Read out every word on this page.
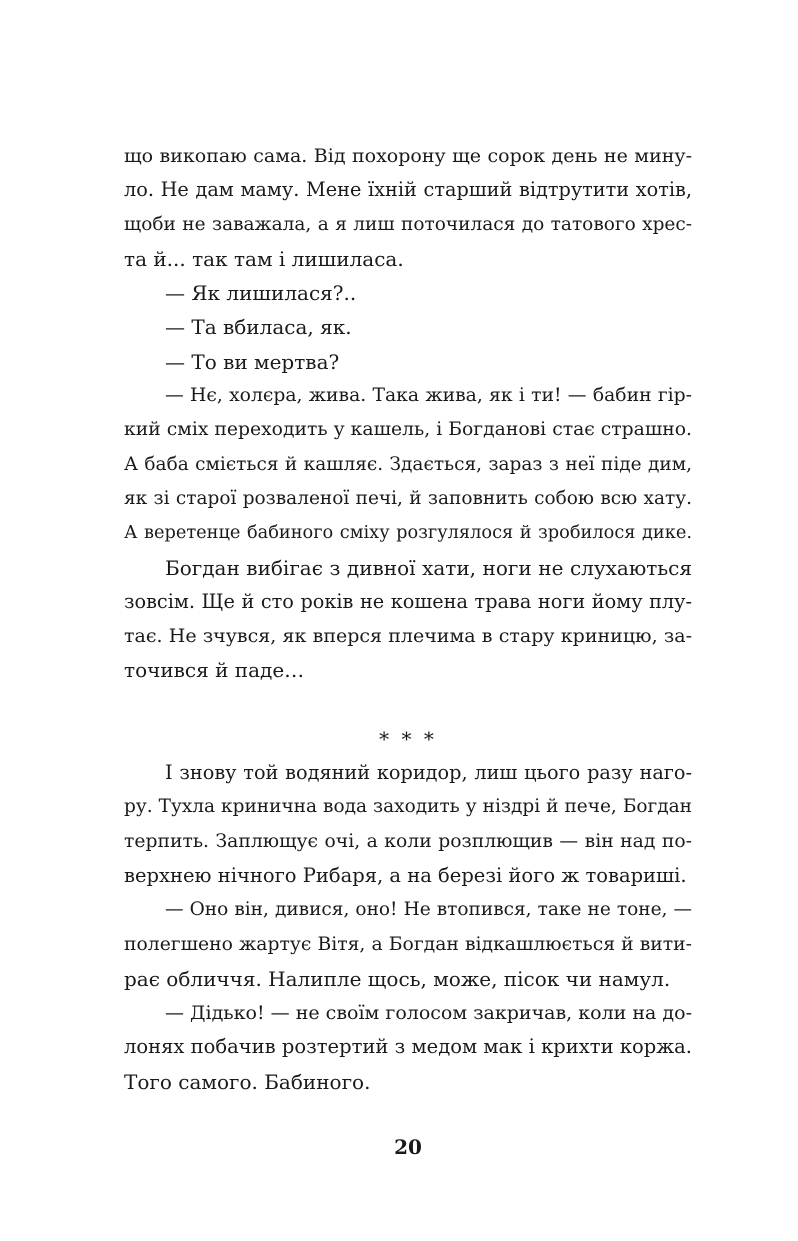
що викопаю сама. Від похорону ще сорок день не мину-
ло. Не дам маму. Мене їхній старший відтрутити хотів,
щоби не заважала, а я лиш поточилася до татового хрес-
та й... так там і лишиласа.
— Як лишилася?..
— Та вбиласа, як.
— То ви мертва?
— Нє, холєра, жива. Така жива, як і ти! — бабин гір-
кий сміх переходить у кашель, і Богданові стає страшно.
А баба сміється й кашляє. Здається, зараз з неї піде дим,
як зі старої розваленої печі, й заповнить собою всю хату.
А веретенце бабиного сміху розгулялося й зробилося дике.
Богдан вибігає з дивної хати, ноги не слухаються
зовсім. Ще й сто років не кошена трава ноги йому плу-
тає. Не зчувся, як вперся плечима в стару криницю, за-
точився й паде…
* * *
І знову той водяний коридор, лиш цього разу наго-
ру. Тухла кринична вода заходить у ніздрі й пече, Богдан
терпить. Заплющує очі, а коли розплющив — він над по-
верхнею нічного Рибаря, а на березі його ж товариші.
— Оно він, дивися, оно! Не втопився, таке не тоне, —
полегшено жартує Вітя, а Богдан відкашлюється й вити-
рає обличчя. Налипле щось, може, пісок чи намул.
— Дідько! — не своїм голосом закричав, коли на до-
лонях побачив розтертий з медом мак і крихти коржа.
Того самого. Бабиного.
20
